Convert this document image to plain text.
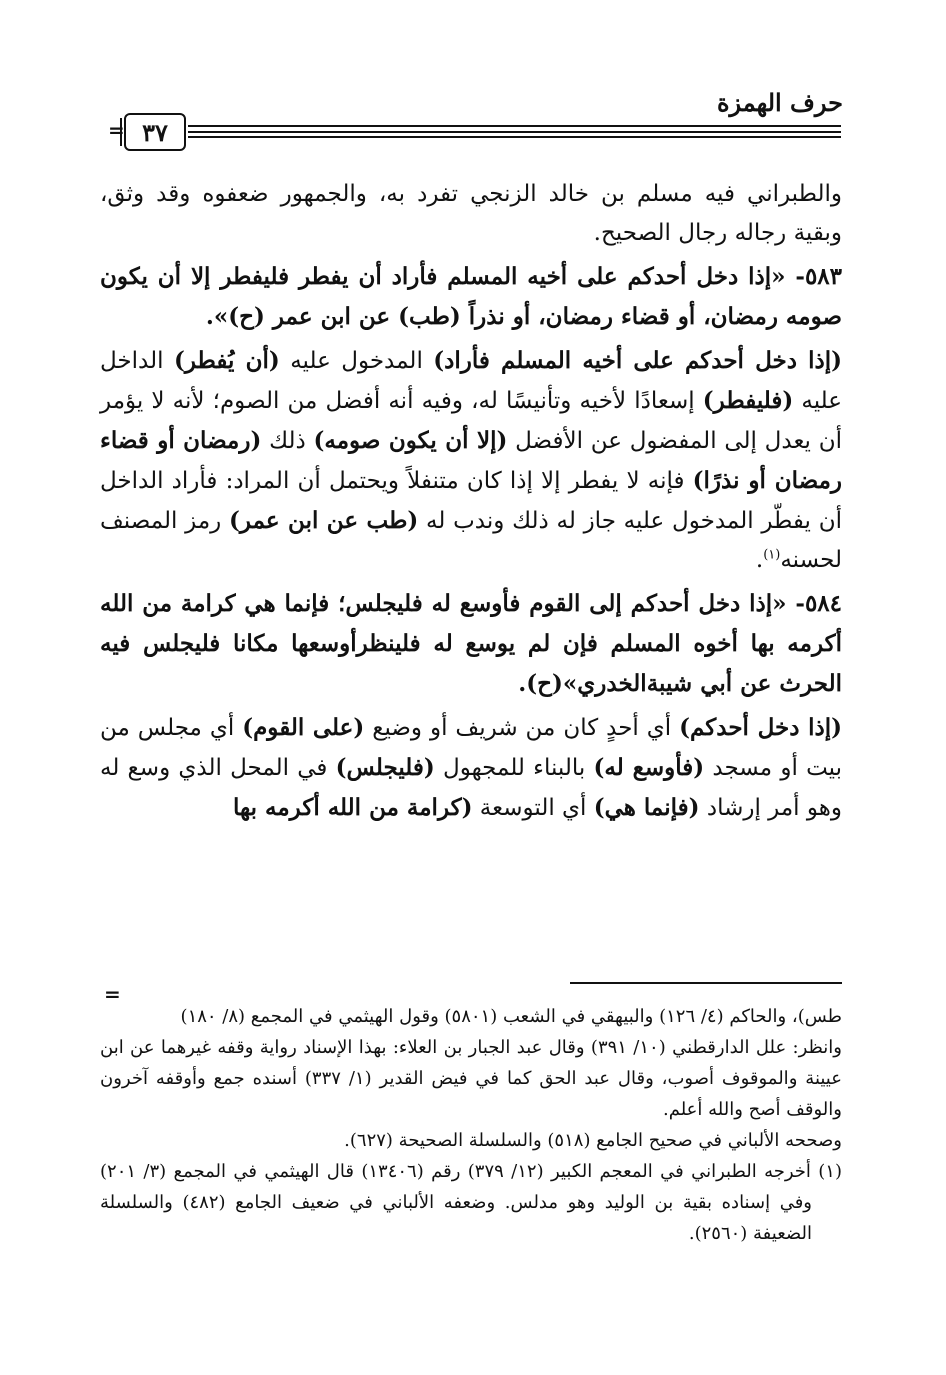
حرف الهمزة
= ٣٧

والطبراني فيه مسلم بن خالد الزنجي تفرد به، والجمهور ضعفوه وقد وثق، وبقية رجاله رجال الصحيح.

٥٨٣- «إذا دخل أحدكم على أخيه المسلم فأراد أن يفطر فليفطر إلا أن يكون صومه رمضان، أو قضاء رمضان، أو نذراً (طب) عن ابن عمر (ح)».

(إذا دخل أحدكم على أخيه المسلم فأراد) المدخول عليه (أن يُفطر) الداخل عليه (فليفطر) إسعادًا لأخيه وتأنيسًا له، وفيه أنه أفضل من الصوم؛ لأنه لا يؤمر أن يعدل إلى المفضول عن الأفضل (إلا أن يكون صومه) ذلك (رمضان أو قضاء رمضان أو نذرًا) فإنه لا يفطر إلا إذا كان متنفلاً ويحتمل أن المراد: فأراد الداخل أن يفطّر المدخول عليه جاز له ذلك وندب له (طب عن ابن عمر) رمز المصنف لحسنه$^{(١)}$.

٥٨٤- «إذا دخل أحدكم إلى القوم فأوسع له فليجلس؛ فإنما هي كرامة من الله أكرمه بها أخوه المسلم فإن لم يوسع له فلينظرأوسعها مكانا فليجلس فيه الحرث عن أبي شيبةالخدري»(ح).

(إذا دخل أحدكم) أي أحدٍ كان من شريف أو وضيع (على القوم) أي مجلس من بيت أو مسجد (فأوسع له) بالبناء للمجهول (فليجلس) في المحل الذي وسع له وهو أمر إرشاد (فإنما هي) أي التوسعة (كرامة من الله أكرمه بها

=

طس)، والحاكم (٤/ ١٢٦) والبيهقي في الشعب (٥٨٠١) وقول الهيثمي في المجمع (٨/ ١٨٠)

وانظر: علل الدارقطني (١٠/ ٣٩١) وقال عبد الجبار بن العلاء: بهذا الإسناد رواية وقفه غيرهما عن ابن عيينة والموقوف أصوب، وقال عبد الحق كما في فيض القدير (١/ ٣٣٧) أسنده جمع وأوقفه آخرون والوقف أصح والله أعلم.

وصححه الألباني في صحيح الجامع (٥١٨) والسلسلة الصحيحة (٦٢٧).

(١) أخرجه الطبراني في المعجم الكبير (١٢/ ٣٧٩) رقم (١٣٤٠٦) قال الهيثمي في المجمع (٣/ ٢٠١) وفي إسناده بقية بن الوليد وهو مدلس. وضعفه الألباني في ضعيف الجامع (٤٨٢) والسلسلة الضعيفة (٢٥٦٠).
